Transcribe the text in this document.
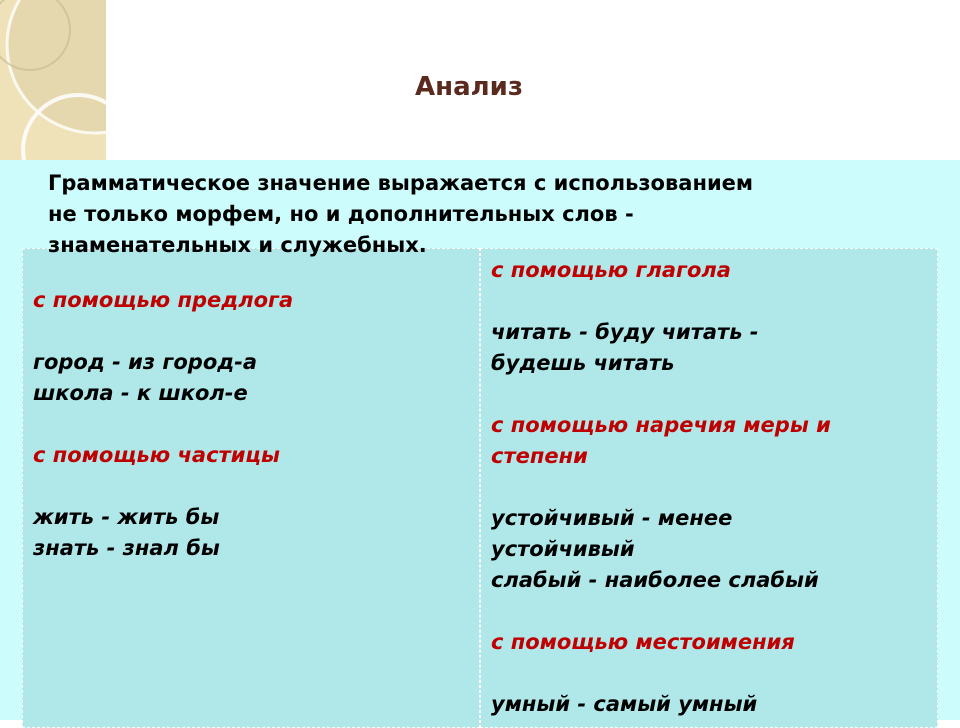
Анализ
с помощью предлога
город - из город-а
школа - к школ-е
с помощью частицы
жить - жить бы
знать - знал бы
с помощью глагола
читать - буду читать -
будешь читать
с помощью наречия меры и
степени
устойчивый - менее
устойчивый
слабый - наиболее слабый
с помощью местоимения
умный - самый умный
Грамматическое значение выражается с использованием
не только морфем, но и дополнительных слов -
знаменательных и служебных.
